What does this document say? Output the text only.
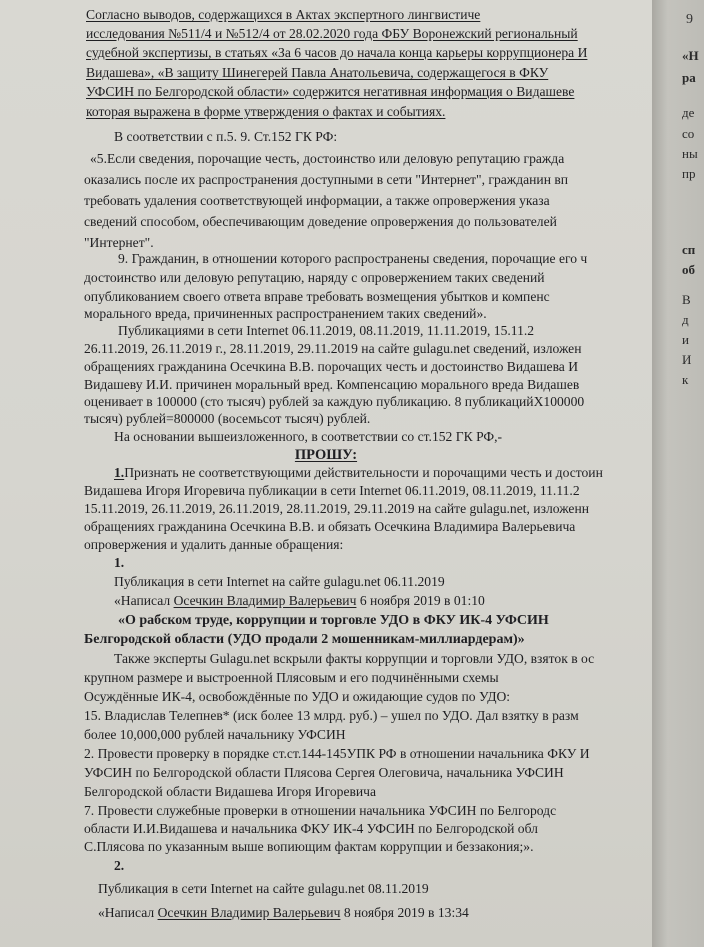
Согласно выводов, содержащихся в Актах экспертного лингвистиче
исследования №511/4 и №512/4 от 28.02.2020 года ФБУ Воронежский региональный
судебной экспертизы, в статьях «За 6 часов до начала конца карьеры коррупционера И
Видашева», «В защиту Шинегерей Павла Анатольевича, содержащегося в ФКУ
УФСИН по Белгородской области» содержится негативная информация о Видашеве
которая выражена в форме утверждения о фактах и событиях.
В соответствии с п.5. 9. Ст.152 ГК РФ:
«5.Если сведения, порочащие честь, достоинство или деловую репутацию гражда
оказались после их распространения доступными в сети "Интернет", гражданин вп
требовать удаления соответствующей информации, а также опровержения указа
сведений способом, обеспечивающим доведение опровержения до пользователей
"Интернет".
9. Гражданин, в отношении которого распространены сведения, порочащие его ч
достоинство или деловую репутацию, наряду с опровержением таких сведений
опубликованием своего ответа вправе требовать возмещения убытков и компенс
морального вреда, причиненных распространением таких сведений».
Публикациями в сети Internet 06.11.2019, 08.11.2019, 11.11.2019, 15.11.2
26.11.2019, 26.11.2019 г., 28.11.2019, 29.11.2019 на сайте gulagu.net сведений, изложен
обращениях гражданина Осечкина В.В. порочащих честь и достоинство Видашева И
Видашеву И.И. причинен моральный вред. Компенсацию морального вреда Видашев
оценивает в 100000 (сто тысяч) рублей за каждую публикацию. 8 публикацийX100000
тысяч) рублей=800000 (восемьсот тысяч) рублей.
На основании вышеизложенного, в соответствии со ст.152 ГК РФ,-
ПРОШУ:
1.Признать не соответствующими действительности и порочащими честь и достоин
Видашева Игоря Игоревича публикации в сети Internet 06.11.2019, 08.11.2019, 11.11.2
15.11.2019, 26.11.2019, 26.11.2019, 28.11.2019, 29.11.2019 на сайте gulagu.net, изложенн
обращениях гражданина Осечкина В.В. и обязать Осечкина Владимира Валерьевича
опровержения и удалить данные обращения:
1.
Публикация в сети Internet на сайте gulagu.net 06.11.2019
«Написал Осечкин Владимир Валерьевич 6 ноября 2019 в 01:10
«О рабском труде, коррупции и торговле УДО в ФКУ ИК-4 УФСИН
Белгородской области (УДО продали 2 мошенникам-миллиардерам)»
Также эксперты Gulagu.net вскрыли факты коррупции и торговли УДО, взяток в ос
крупном размере и выстроенной Плясовым и его подчинёнными схемы
Осуждённые ИК-4, освобождённые по УДО и ожидающие судов по УДО:
15. Владислав Телепнев* (иск более 13 млрд. руб.) – ушел по УДО. Дал взятку в разм
более 10,000,000 рублей начальнику УФСИН
2. Провести проверку в порядке ст.ст.144-145УПК РФ в отношении начальника ФКУ И
УФСИН по Белгородской области Плясова Сергея Олеговича, начальника УФСИН
Белгородской области Видашева Игоря Игоревича
7. Провести служебные проверки в отношении начальника УФСИН по Белгородс
области И.И.Видашева и начальника ФКУ ИК-4 УФСИН по Белгородской обл
С.Плясова по указанным выше вопиющим фактам коррупции и беззакония;».
2.
Публикация в сети Internet на сайте gulagu.net 08.11.2019
«Написал Осечкин Владимир Валерьевич 8 ноября 2019 в 13:34
9
«Н
ра
де
со
ны
пр
сп
об
В
д
и
И
к
